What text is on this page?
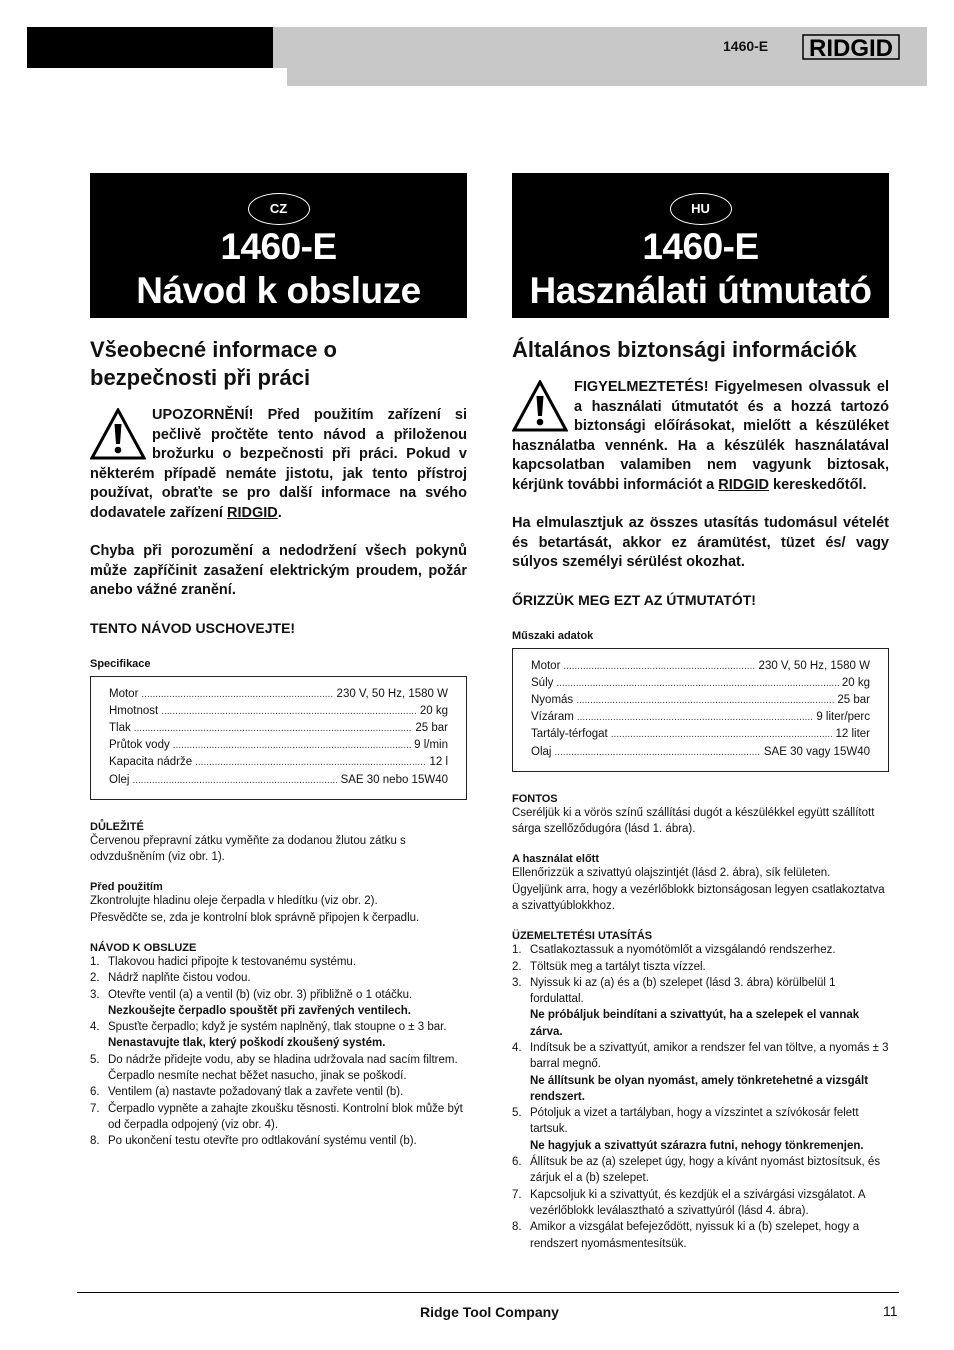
1460-E RIDGID
CZ
1460-E
Návod k obsluze
Všeobecné informace o bezpečnosti při práci

UPOZORNĚNÍ! Před použitím zařízení si pečlivě pročtěte tento návod a přiloženou brožurku o bezpečnosti při práci. Pokud v některém případě nemáte jistotu, jak tento přístroj používat, obraťte se pro další informace na svého dodavatele zařízení RIDGID.

Chyba při porozumění a nedodržení všech pokynů může zapříčinit zasažení elektrickým proudem, požár anebo vážné zranění.

TENTO NÁVOD USCHOVEJTE!

Specifikace
Motor .....	230 V, 50 Hz, 1580 W
Hmotnost .....	20 kg
Tlak .....	25 bar
Průtok vody .....	9 l/min
Kapacita nádrže .....	12 l
Olej .....	SAE 30 nebo 15W40

DŮLEŽITÉ

Červenou přepravní zátku vyměňte za dodanou žlutou zátku s odvzdušněním (viz obr. 1).

Před použitím

Zkontrolujte hladinu oleje čerpadla v hledítku (viz obr. 2).

Přesvědčte se, zda je kontrolní blok správně připojen k čerpadlu.

NÁVOD K OBSLUZE

1. Tlakovou hadici připojte k testovanému systému.
2. Nádrž naplňte čistou vodou.
3. Otevřte ventil (a) a ventil (b) (viz obr. 3) přibližně o 1 otáčku.
Nezkoušejte čerpadlo spouštět při zavřených ventilech.
4. Spusťte čerpadlo; když je systém naplněný, tlak stoupne o ± 3 bar.
Nenastavujte tlak, který poškodí zkoušený systém.
5. Do nádrže přidejte vodu, aby se hladina udržovala nad sacím filtrem. Čerpadlo nesmíte nechat běžet nasucho, jinak se poškodí.
6. Ventilem (a) nastavte požadovaný tlak a zavřete ventil (b).
7. Čerpadlo vypněte a zahajte zkoušku těsnosti. Kontrolní blok může být od čerpadla odpojený (viz obr. 4).
8. Po ukončení testu otevřte pro odtlakování systému ventil (b).
HU
1460-E
Használati útmutató
Általános biztonsági információk

FIGYELMEZTETÉS! Figyelmesen olvassuk el a használati útmutatót és a hozzá tartozó biztonsági előírásokat, mielőtt a készüléket használatba vennénk. Ha a készülék használatával kapcsolatban valamiben nem vagyunk biztosak, kérjünk további információt a RIDGID kereskedőtől.

Ha elmulasztjuk az összes utasítás tudomásul vételét és betartását, akkor ez áramütést, tüzet és/ vagy súlyos személyi sérülést okozhat.

ŐRIZZÜK MEG EZT AZ ÚTMUTATÓT!

Műszaki adatok
Motor .....	230 V, 50 Hz, 1580 W
Súly .....	20 kg
Nyomás .....	25 bar
Vízáram .....	9 liter/perc
Tartály-térfogat .....	12 liter
Olaj .....	SAE 30 vagy 15W40

FONTOS

Cseréljük ki a vörös színű szállítási dugót a készülékkel együtt szállított sárga szellőződugóra (lásd 1. ábra).

A használat előtt

Ellenőrizzük a szivattyú olajszintjét (lásd 2. ábra), sík felületen.

Ügyeljünk arra, hogy a vezérlőblokk biztonságosan legyen csatlakoztatva a szivattyúblokkhoz.

ÜZEMELTETÉSI UTASÍTÁS

1. Csatlakoztassuk a nyomótömlőt a vizsgálandó rendszerhez.
2. Töltsük meg a tartályt tiszta vízzel.
3. Nyissuk ki az (a) és a (b) szelepet (lásd 3. ábra) körülbelül 1 fordulattal.
Ne próbáljuk beindítani a szivattyút, ha a szelepek el vannak zárva.
4. Indítsuk be a szivattyút, amikor a rendszer fel van töltve, a nyomás ± 3 barral megnő.
Ne állítsunk be olyan nyomást, amely tönkretehetné a vizsgált rendszert.
5. Pótoljuk a vizet a tartályban, hogy a vízszintet a szívókosár felett tartsuk.
Ne hagyjuk a szivattyút szárazra futni, nehogy tönkremenjen.
6. Állítsuk be az (a) szelepet úgy, hogy a kívánt nyomást biztosítsuk, és zárjuk el a (b) szelepet.
7. Kapcsoljuk ki a szivattyút, és kezdjük el a szivárgási vizsgálatot. A vezérlőblokk leválasztható a szivattyúról (lásd 4. ábra).
8. Amikor a vizsgálat befejeződött, nyissuk ki a (b) szelepet, hogy a rendszert nyomásmentesítsük.
Ridge Tool Company	11
